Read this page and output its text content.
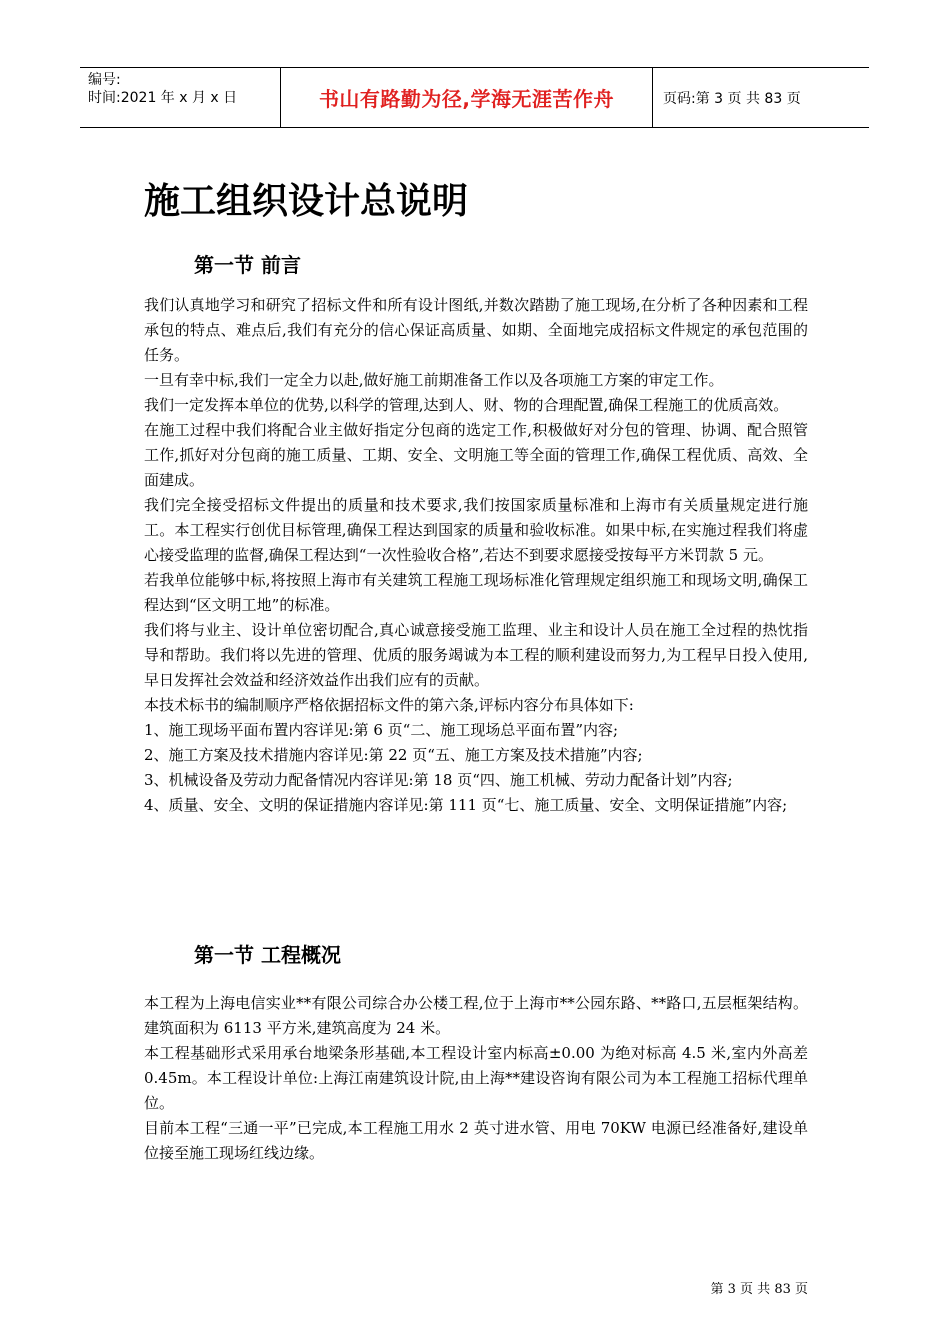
编号:
时间:2021 年 x 月 x 日	书山有路勤为径,学海无涯苦作舟	页码:第 3 页 共 83 页
施工组织设计总说明
第一节 前言

我们认真地学习和研究了招标文件和所有设计图纸,并数次踏勘了施工现场,在分析了各种因素和工程承包的特点、难点后,我们有充分的信心保证高质量、如期、全面地完成招标文件规定的承包范围的任务。

一旦有幸中标,我们一定全力以赴,做好施工前期准备工作以及各项施工方案的审定工作。

我们一定发挥本单位的优势,以科学的管理,达到人、财、物的合理配置,确保工程施工的优质高效。

在施工过程中我们将配合业主做好指定分包商的选定工作,积极做好对分包的管理、协调、配合照管工作,抓好对分包商的施工质量、工期、安全、文明施工等全面的管理工作,确保工程优质、高效、全面建成。

我们完全接受招标文件提出的质量和技术要求,我们按国家质量标准和上海市有关质量规定进行施工。本工程实行创优目标管理,确保工程达到国家的质量和验收标准。如果中标,在实施过程我们将虚心接受监理的监督,确保工程达到“一次性验收合格”,若达不到要求愿接受按每平方米罚款 5 元。

若我单位能够中标,将按照上海市有关建筑工程施工现场标准化管理规定组织施工和现场文明,确保工程达到“区文明工地”的标准。

我们将与业主、设计单位密切配合,真心诚意接受施工监理、业主和设计人员在施工全过程的热忱指导和帮助。我们将以先进的管理、优质的服务竭诚为本工程的顺利建设而努力,为工程早日投入使用,早日发挥社会效益和经济效益作出我们应有的贡献。

本技术标书的编制顺序严格依据招标文件的第六条,评标内容分布具体如下:

1、施工现场平面布置内容详见:第 6 页“二、施工现场总平面布置”内容;

2、施工方案及技术措施内容详见:第 22 页“五、施工方案及技术措施”内容;

3、机械设备及劳动力配备情况内容详见:第 18 页“四、施工机械、劳动力配备计划”内容;

4、质量、安全、文明的保证措施内容详见:第 111 页“七、施工质量、安全、文明保证措施”内容;

第一节 工程概况

本工程为上海电信实业**有限公司综合办公楼工程,位于上海市**公园东路、**路口,五层框架结构。建筑面积为 6113 平方米,建筑高度为 24 米。

本工程基础形式采用承台地梁条形基础,本工程设计室内标高±0.00 为绝对标高 4.5 米,室内外高差 0.45m。本工程设计单位:上海江南建筑设计院,由上海**建设咨询有限公司为本工程施工招标代理单位。

目前本工程“三通一平”已完成,本工程施工用水 2 英寸进水管、用电 70KW 电源已经准备好,建设单位接至施工现场红线边缘。

第 3 页 共 83 页
